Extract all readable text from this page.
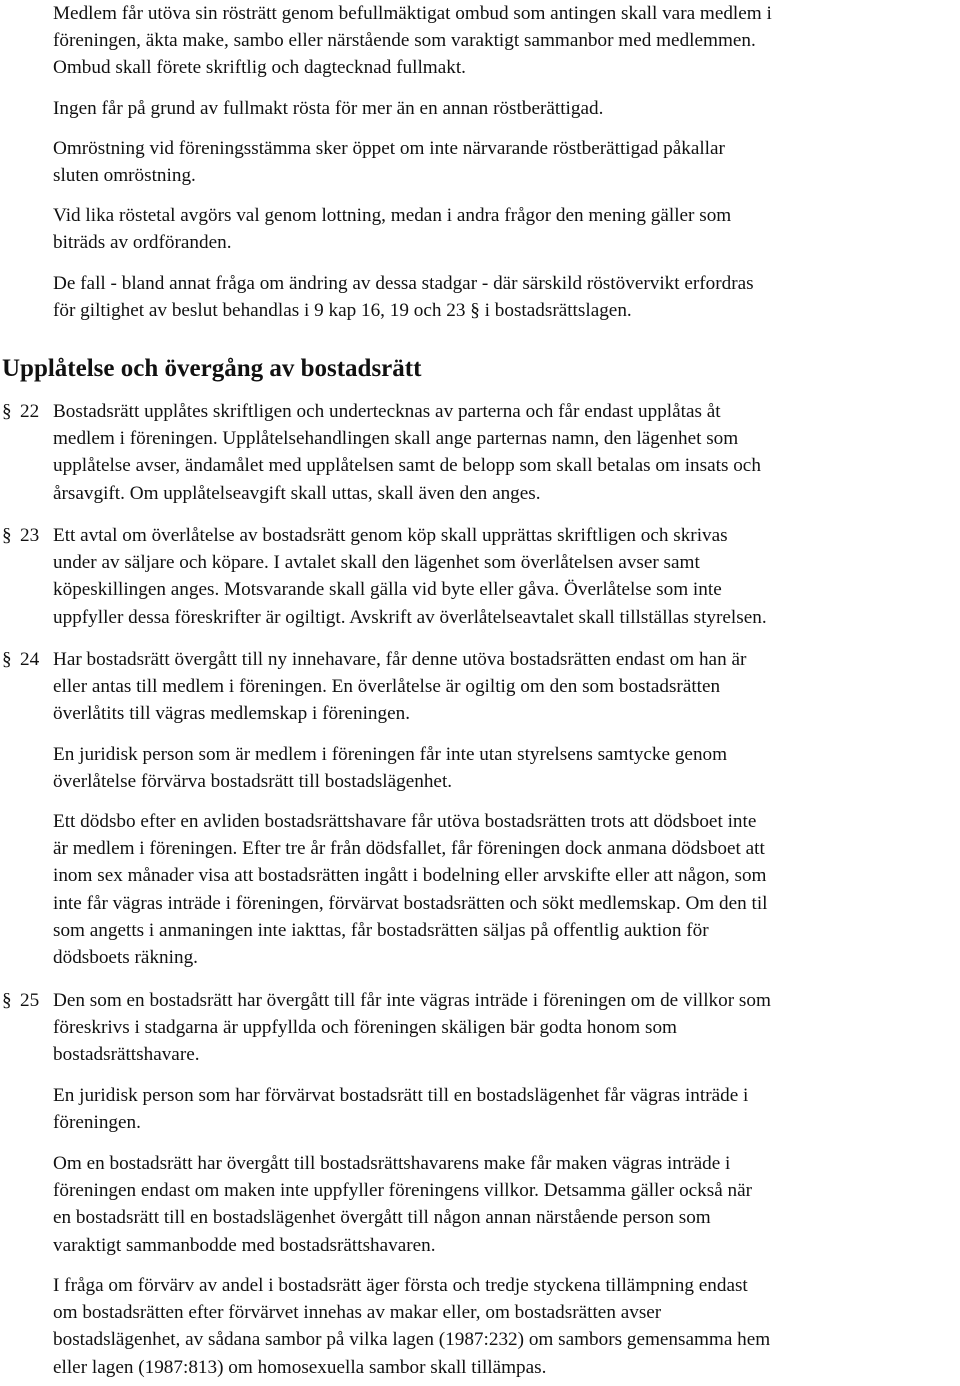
Medlem får utöva sin rösträtt genom befullmäktigat ombud som antingen skall vara medlem i
föreningen, äkta make, sambo eller närstående som varaktigt sammanbor med medlemmen.
Ombud skall förete skriftlig och dagtecknad fullmakt.

Ingen får på grund av fullmakt rösta för mer än en annan röstberättigad.

Omröstning vid föreningsstämma sker öppet om inte närvarande röstberättigad påkallar
sluten omröstning.

Vid lika röstetal avgörs val genom lottning, medan i andra frågor den mening gäller som
biträds av ordföranden.

De fall - bland annat fråga om ändring av dessa stadgar - där särskild röstövervikt erfordras
för giltighet av beslut behandlas i 9 kap 16, 19 och 23 § i bostadsrättslagen.

Upplåtelse och övergång av bostadsrätt
§ 22 Bostadsrätt upplåtes skriftligen och undertecknas av parterna och får endast upplåtas åt
medlem i föreningen. Upplåtelsehandlingen skall ange parternas namn, den lägenhet som
upplåtelse avser, ändamålet med upplåtelsen samt de belopp som skall betalas om insats och
årsavgift. Om upplåtelseavgift skall uttas, skall även den anges.

§ 23 Ett avtal om överlåtelse av bostadsrätt genom köp skall upprättas skriftligen och skrivas
under av säljare och köpare. I avtalet skall den lägenhet som överlåtelsen avser samt
köpeskillingen anges. Motsvarande skall gälla vid byte eller gåva. Överlåtelse som inte
uppfyller dessa föreskrifter är ogiltigt. Avskrift av överlåtelseavtalet skall tillställas styrelsen.

§ 24 Har bostadsrätt övergått till ny innehavare, får denne utöva bostadsrätten endast om han är
eller antas till medlem i föreningen. En överlåtelse är ogiltig om den som bostadsrätten
överlåtits till vägras medlemskap i föreningen.

En juridisk person som är medlem i föreningen får inte utan styrelsens samtycke genom
överlåtelse förvärva bostadsrätt till bostadslägenhet.

Ett dödsbo efter en avliden bostadsrättshavare får utöva bostadsrätten trots att dödsboet inte
är medlem i föreningen. Efter tre år från dödsfallet, får föreningen dock anmana dödsboet att
inom sex månader visa att bostadsrätten ingått i bodelning eller arvskifte eller att någon, som
inte får vägras inträde i föreningen, förvärvat bostadsrätten och sökt medlemskap. Om den til
som angetts i anmaningen inte iakttas, får bostadsrätten säljas på offentlig auktion för
dödsboets räkning.

§ 25 Den som en bostadsrätt har övergått till får inte vägras inträde i föreningen om de villkor som
föreskrivs i stadgarna är uppfyllda och föreningen skäligen bär godta honom som
bostadsrättshavare.

En juridisk person som har förvärvat bostadsrätt till en bostadslägenhet får vägras inträde i
föreningen.

Om en bostadsrätt har övergått till bostadsrättshavarens make får maken vägras inträde i
föreningen endast om maken inte uppfyller föreningens villkor. Detsamma gäller också när
en bostadsrätt till en bostadslägenhet övergått till någon annan närstående person som
varaktigt sammanbodde med bostadsrättshavaren.

I fråga om förvärv av andel i bostadsrätt äger första och tredje styckena tillämpning endast
om bostadsrätten efter förvärvet innehas av makar eller, om bostadsrätten avser
bostadslägenhet, av sådana sambor på vilka lagen (1987:232) om sambors gemensamma hem
eller lagen (1987:813) om homosexuella sambor skall tillämpas.
